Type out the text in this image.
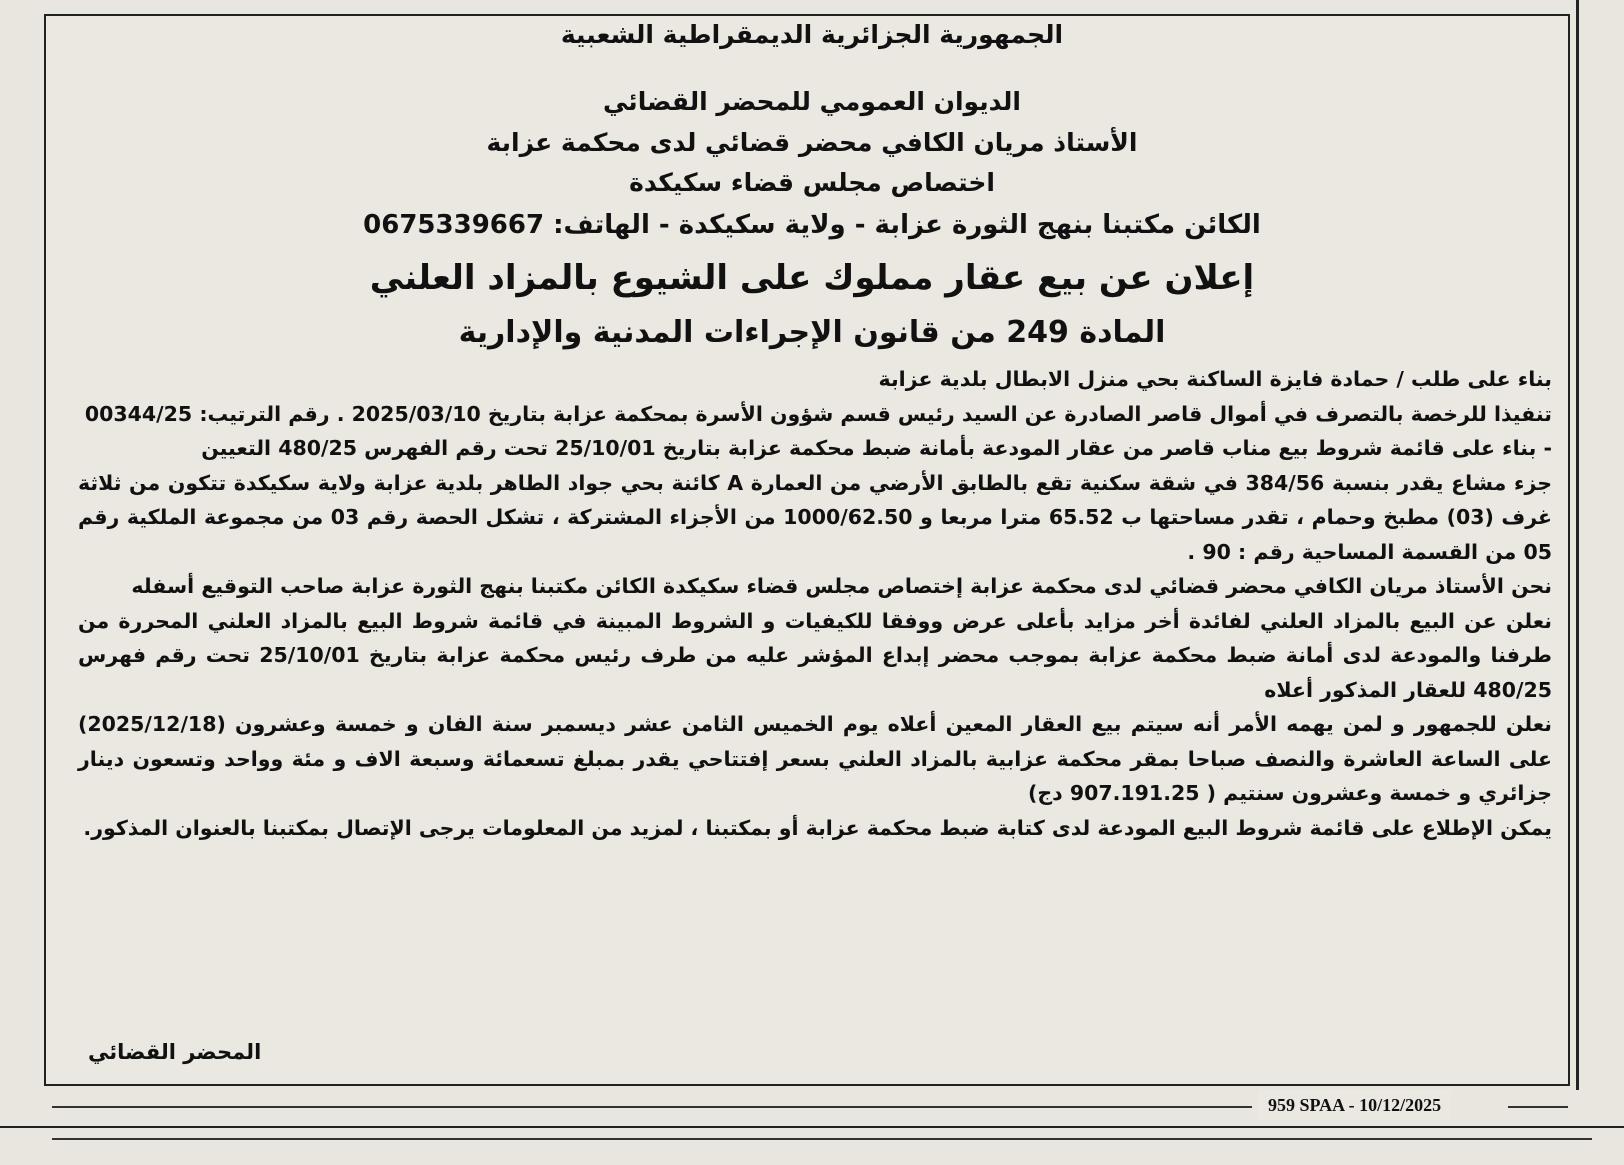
الجمهورية الجزائرية الديمقراطية الشعبية
الديوان العمومي للمحضر القضائي
الأستاذ مريان الكافي محضر قضائي لدى محكمة عزابة
اختصاص مجلس قضاء سكيكدة
الكائن مكتبنا بنهج الثورة عزابة - ولاية سكيكدة - الهاتف: 0675339667
إعلان عن بيع عقار مملوك على الشيوع بالمزاد العلني
المادة 249 من قانون الإجراءات المدنية والإدارية

بناء على طلب / حمادة فايزة الساكنة بحي منزل الابطال بلدية عزابة

تنفيذا للرخصة بالتصرف في أموال قاصر الصادرة عن السيد رئيس قسم شؤون الأسرة بمحكمة عزابة بتاريخ 2025/03/10 . رقم الترتيب: 00344/25

- بناء على قائمة شروط بيع مناب قاصر من عقار المودعة بأمانة ضبط محكمة عزابة بتاريخ 25/10/01 تحت رقم الفهرس 480/25 التعيين

جزء مشاع يقدر بنسبة 384/56 في شقة سكنية تقع بالطابق الأرضي من العمارة A كائنة بحي جواد الطاهر بلدية عزابة ولاية سكيكدة تتكون من ثلاثة غرف (03) مطبخ وحمام ، تقدر مساحتها ب 65.52 مترا مربعا و 1000/62.50 من الأجزاء المشتركة ، تشكل الحصة رقم 03 من مجموعة الملكية رقم 05 من القسمة المساحية رقم : 90 .

نحن الأستاذ مريان الكافي محضر قضائي لدى محكمة عزابة إختصاص مجلس قضاء سكيكدة الكائن مكتبنا بنهج الثورة عزابة صاحب التوقيع أسفله

نعلن عن البيع بالمزاد العلني لفائدة أخر مزايد بأعلى عرض ووفقا للكيفيات و الشروط المبينة في قائمة شروط البيع بالمزاد العلني المحررة من طرفنا والمودعة لدى أمانة ضبط محكمة عزابة بموجب محضر إبداع المؤشر عليه من طرف رئيس محكمة عزابة بتاريخ 25/10/01 تحت رقم فهرس 480/25 للعقار المذكور أعلاه

نعلن للجمهور و لمن يهمه الأمر أنه سيتم بيع العقار المعين أعلاه يوم الخميس الثامن عشر ديسمبر سنة الفان و خمسة وعشرون (2025/12/18) على الساعة العاشرة والنصف صباحا بمقر محكمة عزابية بالمزاد العلني بسعر إفتتاحي يقدر بمبلغ تسعمائة وسبعة الاف و مئة وواحد وتسعون دينار جزائري و خمسة وعشرون سنتيم ( 907.191.25 دج)

يمكن الإطلاع على قائمة شروط البيع المودعة لدى كتابة ضبط محكمة عزابة أو بمكتبنا ، لمزيد من المعلومات يرجى الإتصال بمكتبنا بالعنوان المذكور.

المحضر القضائي
959 SPAA - 10/12/2025
